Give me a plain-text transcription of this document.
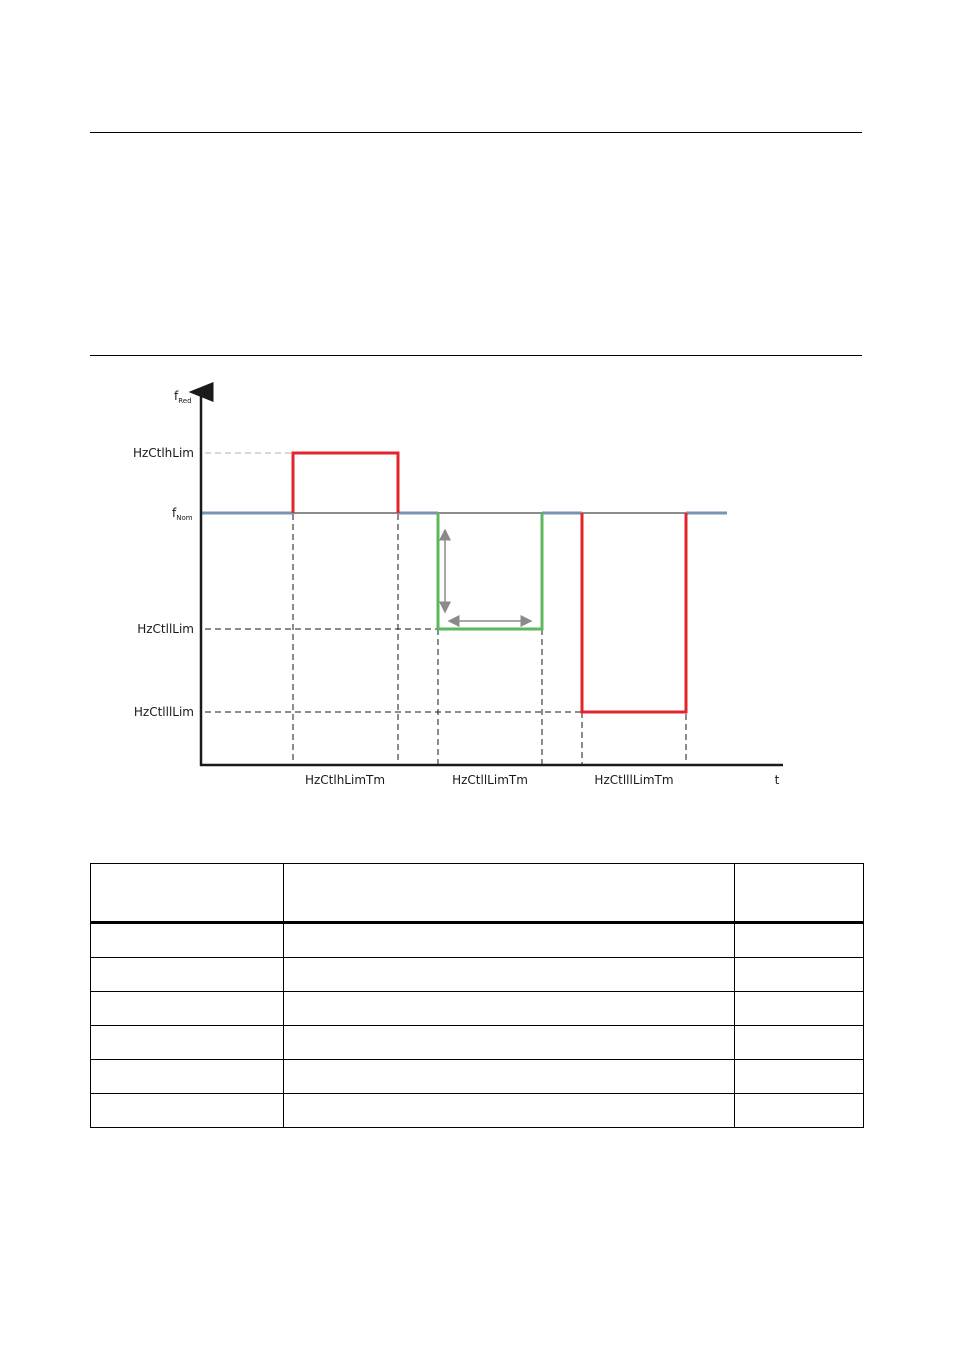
$f_{Red}$
HzCtlhLim
$f_{Nom}$
HzCtllLim
HzCtlllLim
HzCtlhLimTm	HzCtllLimTm	HzCtlllLimTm	t
